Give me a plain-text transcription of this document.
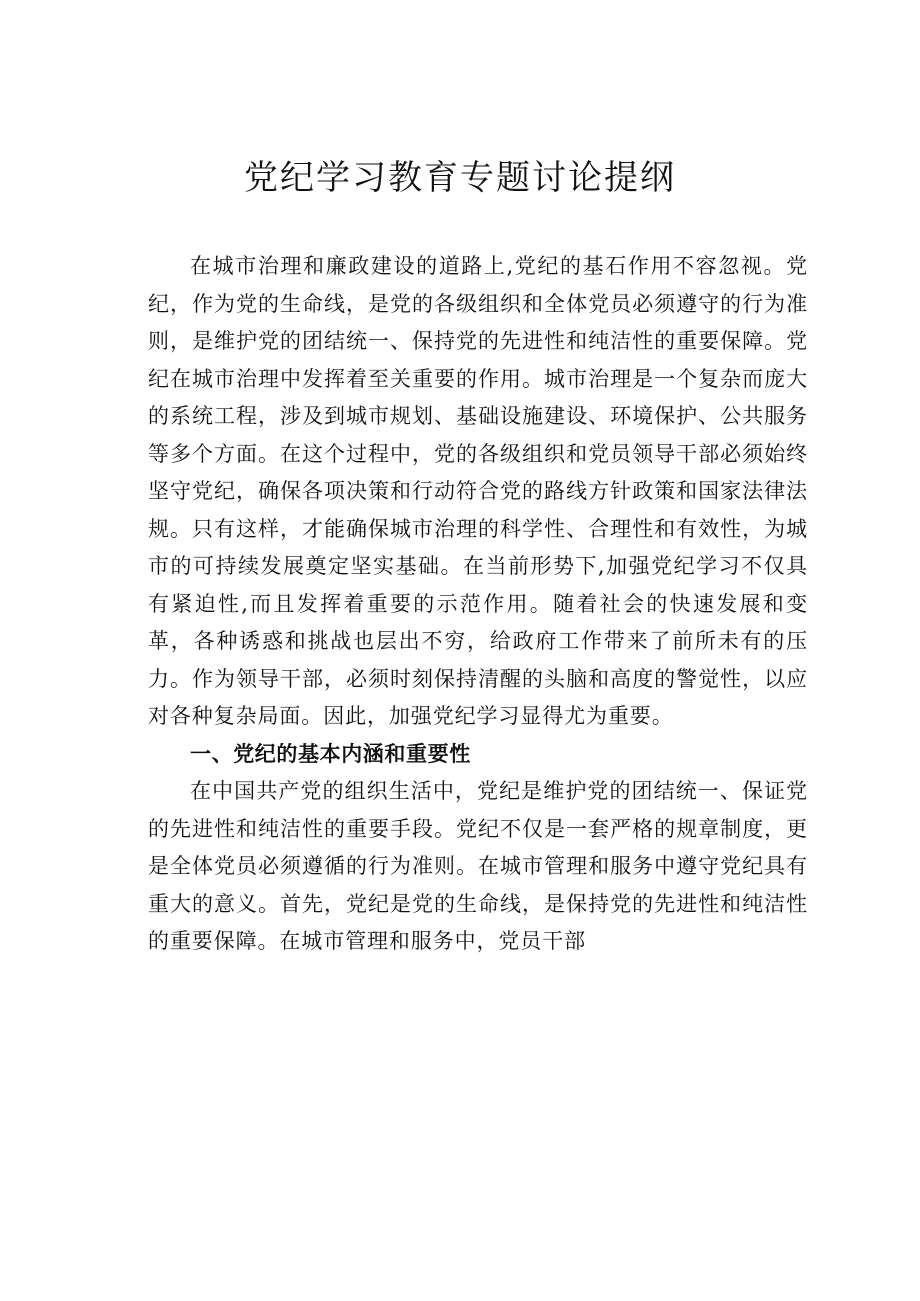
党纪学习教育专题讨论提纲

在城市治理和廉政建设的道路上,党纪的基石作用不容忽视。党纪，作为党的生命线，是党的各级组织和全体党员必须遵守的行为准则，是维护党的团结统一、保持党的先进性和纯洁性的重要保障。党纪在城市治理中发挥着至关重要的作用。城市治理是一个复杂而庞大的系统工程，涉及到城市规划、基础设施建设、环境保护、公共服务等多个方面。在这个过程中，党的各级组织和党员领导干部必须始终坚守党纪，确保各项决策和行动符合党的路线方针政策和国家法律法规。只有这样，才能确保城市治理的科学性、合理性和有效性，为城市的可持续发展奠定坚实基础。在当前形势下,加强党纪学习不仅具有紧迫性,而且发挥着重要的示范作用。随着社会的快速发展和变革，各种诱惑和挑战也层出不穷，给政府工作带来了前所未有的压力。作为领导干部，必须时刻保持清醒的头脑和高度的警觉性，以应对各种复杂局面。因此，加强党纪学习显得尤为重要。

一、党纪的基本内涵和重要性

在中国共产党的组织生活中，党纪是维护党的团结统一、保证党的先进性和纯洁性的重要手段。党纪不仅是一套严格的规章制度，更是全体党员必须遵循的行为准则。在城市管理和服务中遵守党纪具有重大的意义。首先，党纪是党的生命线，是保持党的先进性和纯洁性的重要保障。在城市管理和服务中，党员干部
